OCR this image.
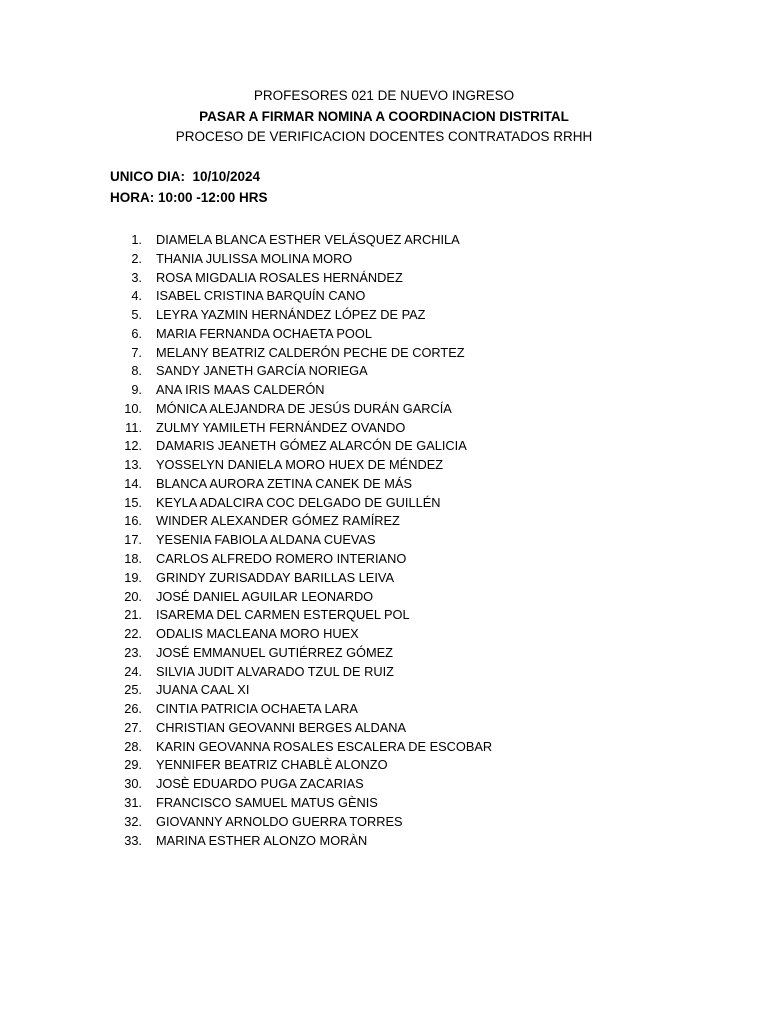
PROFESORES 021 DE NUEVO INGRESO
PASAR A FIRMAR NOMINA A COORDINACION DISTRITAL
PROCESO DE VERIFICACION DOCENTES CONTRATADOS RRHH
UNICO DIA:  10/10/2024
HORA: 10:00 -12:00 HRS
1. DIAMELA BLANCA ESTHER VELÁSQUEZ ARCHILA
2. THANIA JULISSA MOLINA MORO
3. ROSA MIGDALIA ROSALES HERNÁNDEZ
4. ISABEL CRISTINA BARQUÍN CANO
5. LEYRA YAZMIN HERNÁNDEZ LÓPEZ DE PAZ
6. MARIA FERNANDA OCHAETA POOL
7. MELANY BEATRIZ CALDERÓN PECHE DE CORTEZ
8. SANDY JANETH GARCÍA NORIEGA
9. ANA IRIS MAAS CALDERÓN
10. MÓNICA ALEJANDRA DE JESÚS DURÁN GARCÍA
11. ZULMY YAMILETH FERNÁNDEZ OVANDO
12. DAMARIS JEANETH GÓMEZ ALARCÓN DE GALICIA
13. YOSSELYN DANIELA MORO HUEX DE MÉNDEZ
14. BLANCA AURORA ZETINA CANEK DE MÁS
15. KEYLA ADALCIRA COC DELGADO DE GUILLÉN
16. WINDER ALEXANDER GÓMEZ RAMÍREZ
17. YESENIA FABIOLA ALDANA CUEVAS
18. CARLOS ALFREDO ROMERO INTERIANO
19. GRINDY ZURISADDAY BARILLAS LEIVA
20. JOSÉ DANIEL AGUILAR LEONARDO
21. ISAREMA DEL CARMEN ESTERQUEL POL
22. ODALIS MACLEANA MORO HUEX
23. JOSÉ EMMANUEL GUTIÉRREZ GÓMEZ
24. SILVIA JUDIT ALVARADO TZUL DE RUIZ
25. JUANA CAAL XI
26. CINTIA PATRICIA OCHAETA LARA
27. CHRISTIAN GEOVANNI BERGES ALDANA
28. KARIN GEOVANNA ROSALES ESCALERA DE ESCOBAR
29. YENNIFER BEATRIZ CHABLÈ ALONZO
30. JOSÈ EDUARDO PUGA ZACARIAS
31. FRANCISCO SAMUEL MATUS GÈNIS
32. GIOVANNY ARNOLDO GUERRA TORRES
33. MARINA ESTHER ALONZO MORÀN
